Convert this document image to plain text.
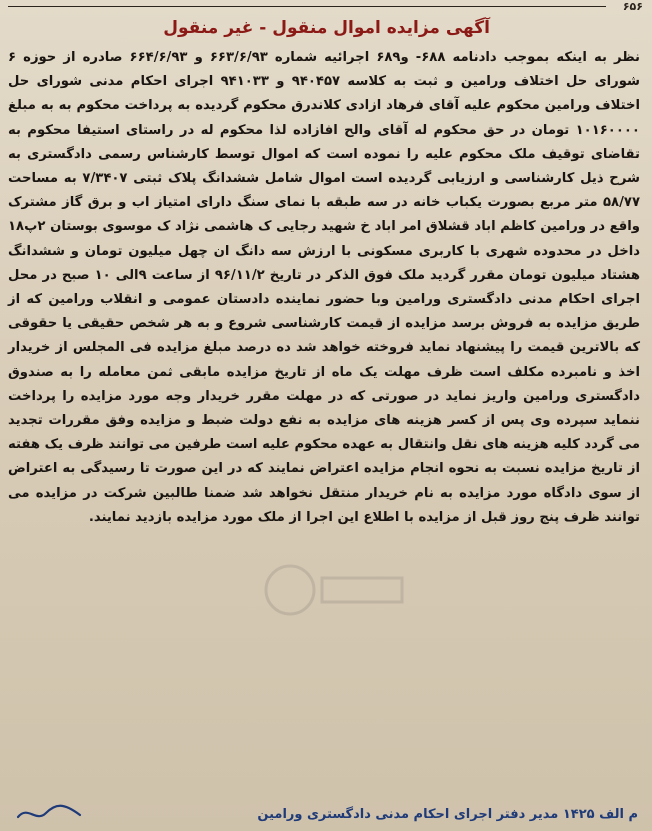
۶۵۶
آگهی مزایده اموال منقول - غیر منقول

نظر به اینکه بموجب دادنامه ۶۸۸- و۶۸۹ اجرائیه شماره ۶۶۳/۶/۹۳ و ۶۶۴/۶/۹۳ صادره از حوزه ۶ شورای حل اختلاف ورامین و ثبت به کلاسه ۹۴۰۴۵۷ و ۹۴۱۰۳۳ اجرای احکام مدنی شورای حل اختلاف ورامین محکوم علیه آقای فرهاد ازادی کلاندرق محکوم گردیده به پرداخت محکوم به به مبلغ ۱۰۱۶۰۰۰۰ تومان در حق محکوم له آقای والح افازاده لذا محکوم له در راستای استیفا محکوم به تقاضای توقیف ملک محکوم علیه را نموده است که اموال توسط کارشناس رسمی دادگستری به شرح ذیل کارشناسی و ارزیابی گردیده است اموال شامل ششدانگ پلاک ثبتی ۷/۳۴۰۷ به مساحت ۵۸/۷۷ متر مربع بصورت یکباب خانه در سه طبقه با نمای سنگ دارای امتیاز اب و برق گاز مشترک واقع در ورامین کاظم اباد قشلاق امر اباد خ شهید رجایی ک هاشمی نژاد ک موسوی بوستان ۲پ۱۸ داخل در محدوده شهری با کاربری مسکونی با ارزش سه دانگ ان چهل میلیون تومان و ششدانگ هشتاد میلیون تومان مقرر گردید ملک فوق الذکر در تاریخ ۹۶/۱۱/۲ از ساعت ۹الی ۱۰ صبح در محل اجرای احکام مدنی دادگستری ورامین وبا حضور نماینده دادستان عمومی و انقلاب ورامین که از طریق مزایده به فروش برسد مزایده از قیمت کارشناسی شروع و به هر شخص حقیقی یا حقوقی که بالاترین قیمت را پیشنهاد نماید فروخته خواهد شد ده درصد مبلغ مزایده فی المجلس از خریدار اخذ و نامبرده مکلف است ظرف مهلت یک ماه از تاریخ مزایده مابقی ثمن معامله را به صندوق دادگستری ورامین واریز نماید در صورتی که در مهلت مقرر خریدار وجه مورد مزایده را پرداخت ننماید سپرده وی پس از کسر هزینه های مزایده به نفع دولت ضبط و مزایده وفق مقررات تجدید می گردد کلیه هزینه های نقل وانتقال به عهده محکوم علیه است طرفین می توانند ظرف یک هفته از تاریخ مزایده نسبت به نحوه انجام مزایده اعتراض نمایند که در این صورت تا رسیدگی به اعتراض از سوی دادگاه مورد مزایده به نام خریدار منتقل نخواهد شد ضمنا طالبین شرکت در مزایده می توانند ظرف پنج روز قبل از مزایده با اطلاع این اجرا از ملک مورد مزایده بازدید نمایند.

م الف ۱۴۲۵ مدیر دفتر اجرای احکام مدنی دادگستری ورامین
